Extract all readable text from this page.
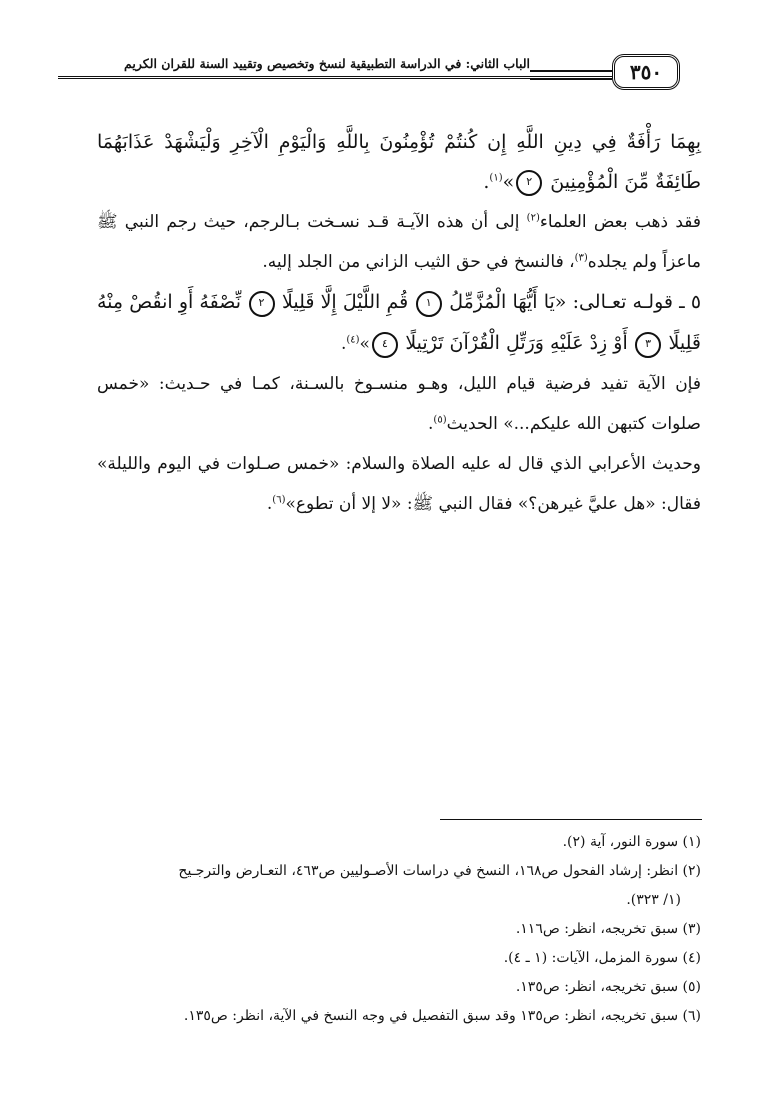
الباب الثاني: في الدراسة التطبيقية لنسخ وتخصيص وتقييد السنة للقران الكريم	٣٥٠

بِهِمَا رَأْفَةٌ فِي دِينِ اللَّهِ إِن كُنتُمْ تُؤْمِنُونَ بِاللَّهِ وَالْيَوْمِ الْآخِرِ وَلْيَشْهَدْ عَذَابَهُمَا طَائِفَةٌ مِّنَ الْمُؤْمِنِينَ ٢»$^{(١)}$.

فقد ذهب بعض العلماء$^{(٢)}$ إلى أن هذه الآيـة قـد نسـخت بـالرجم، حيث رجم النبي ﷺ ماعزاً ولم يجلده$^{(٣)}$، فالنسخ في حق الثيب الزاني من الجلد إليه.

٥ ـ قولـه تعـالى: «يَا أَيُّهَا الْمُزَّمِّلُ ١ قُمِ اللَّيْلَ إِلَّا قَلِيلًا ٢ نِّصْفَهُ أَوِ انقُصْ مِنْهُ قَلِيلًا ٣ أَوْ زِدْ عَلَيْهِ وَرَتِّلِ الْقُرْآنَ تَرْتِيلًا ٤»$^{(٤)}$.

فإن الآية تفيد فرضية قيام الليل، وهـو منسـوخ بالسـنة، كمـا في حـديث: «خمس صلوات كتبهن الله عليكم...» الحديث$^{(٥)}$.

وحديث الأعرابي الذي قال له عليه الصلاة والسلام: «خمس صـلوات في اليوم والليلة» فقال: «هل عليَّ غيرهن؟» فقال النبي ﷺ: «لا إلا أن تطوع»$^{(٦)}$.

(١) سورة النور، آية (٢).

(٢) انظر: إرشاد الفحول ص١٦٨، النسخ في دراسات الأصـوليين ص٤٦٣، التعـارض والترجـيح

(١/ ٣٢٣).

(٣) سبق تخريجه، انظر: ص١١٦.

(٤) سورة المزمل، الآيات: (١ ـ ٤).

(٥) سبق تخريجه، انظر: ص١٣٥.

(٦) سبق تخريجه، انظر: ص١٣٥ وقد سبق التفصيل في وجه النسخ في الآية، انظر: ص١٣٥.
